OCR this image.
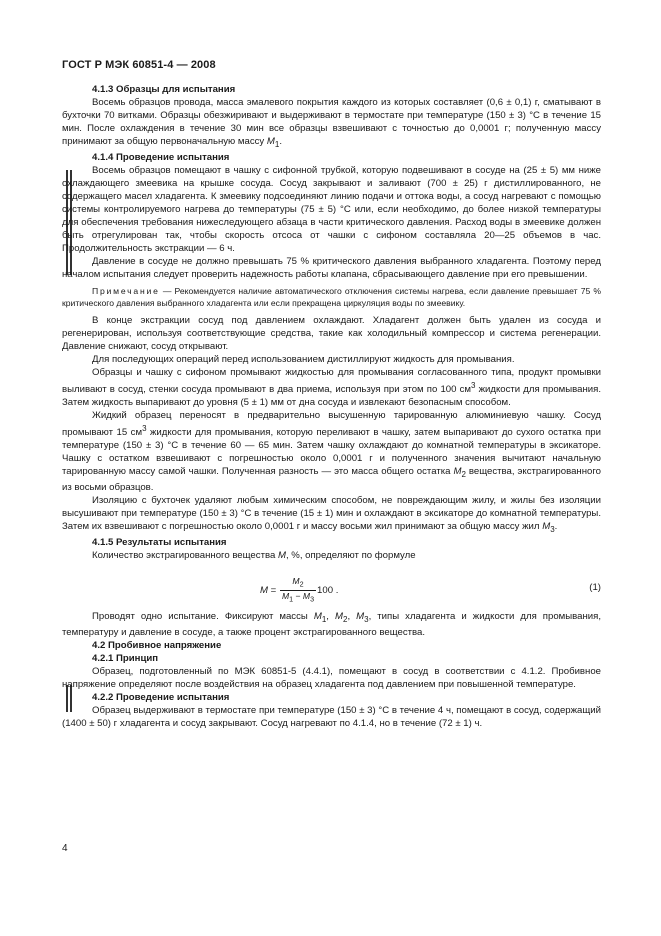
ГОСТ Р МЭК 60851-4 — 2008
4.1.3 Образцы для испытания

Восемь образцов провода, масса эмалевого покрытия каждого из которых составляет (0,6 ± 0,1) г, сматывают в бухточки 70 витками. Образцы обезжиривают и выдерживают в термостате при температуре (150 ± 3) °С в течение 15 мин. После охлаждения в течение 30 мин все образцы взвешивают с точностью до 0,0001 г; полученную массу принимают за общую первоначальную массу $M_1$.

4.1.4 Проведение испытания

Восемь образцов помещают в чашку с сифонной трубкой, которую подвешивают в сосуде на (25 ± 5) мм ниже охлаждающего змеевика на крышке сосуда. Сосуд закрывают и заливают (700 ± 25) г дистиллированного, не содержащего масел хладагента. К змеевику подсоединяют линию подачи и оттока воды, а сосуд нагревают с помощью системы контролируемого нагрева до температуры (75 ± 5) °С или, если необходимо, до более низкой температуры для обеспечения требования нижеследующего абзаца в части критического давления. Расход воды в змеевике должен быть отрегулирован так, чтобы скорость отсоса от чашки с сифоном составляла 20—25 объемов в час. Продолжительность экстракции — 6 ч.

Давление в сосуде не должно превышать 75 % критического давления выбранного хладагента. Поэтому перед началом испытания следует проверить надежность работы клапана, сбрасывающего давление при его превышении.

Примечание — Рекомендуется наличие автоматического отключения системы нагрева, если давление превышает 75 % критического давления выбранного хладагента или если прекращена циркуляция воды по змеевику.

В конце экстракции сосуд под давлением охлаждают. Хладагент должен быть удален из сосуда и регенерирован, используя соответствующие средства, такие как холодильный компрессор и система регенерации. Давление снижают, сосуд открывают.

Для последующих операций перед использованием дистиллируют жидкость для промывания.

Образцы и чашку с сифоном промывают жидкостью для промывания согласованного типа, продукт промывки выливают в сосуд, стенки сосуда промывают в два приема, используя при этом по 100 $см^3$ жидкости для промывания. Затем жидкость выпаривают до уровня (5 ± 1) мм от дна сосуда и извлекают безопасным способом.

Жидкий образец переносят в предварительно высушенную тарированную алюминиевую чашку. Сосуд промывают 15 $см^3$ жидкости для промывания, которую переливают в чашку, затем выпаривают до сухого остатка при температуре (150 ± 3) °С в течение 60 — 65 мин. Затем чашку охлаждают до комнатной температуры в эксикаторе. Чашку с остатком взвешивают с погрешностью около 0,0001 г и полученного значения вычитают начальную тарированную массу самой чашки. Полученная разность — это масса общего остатка $M_2$ вещества, экстрагированного из восьми образцов.

Изоляцию с бухточек удаляют любым химическим способом, не повреждающим жилу, и жилы без изоляции высушивают при температуре (150 ± 3) °С в течение (15 ± 1) мин и охлаждают в эксикаторе до комнатной температуры. Затем их взвешивают с погрешностью около 0,0001 г и массу восьми жил принимают за общую массу жил $M_3$.

4.1.5 Результаты испытания

Количество экстрагированного вещества M, %, определяют по формуле

$M = \frac{M_2}{M_1 - M_3} 100$ .	(1)

Проводят одно испытание. Фиксируют массы $M_1$, $M_2$, $M_3$, типы хладагента и жидкости для промывания, температуру и давление в сосуде, а также процент экстрагированного вещества.

4.2 Пробивное напряжение
4.2.1 Принцип

Образец, подготовленный по МЭК 60851-5 (4.4.1), помещают в сосуд в соответствии с 4.1.2. Пробивное напряжение определяют после воздействия на образец хладагента под давлением при повышенной температуре.

4.2.2 Проведение испытания

Образец выдерживают в термостате при температуре (150 ± 3) °С в течение 4 ч, помещают в сосуд, содержащий (1400 ± 50) г хладагента и сосуд закрывают. Сосуд нагревают по 4.1.4, но в течение (72 ± 1) ч.

4
